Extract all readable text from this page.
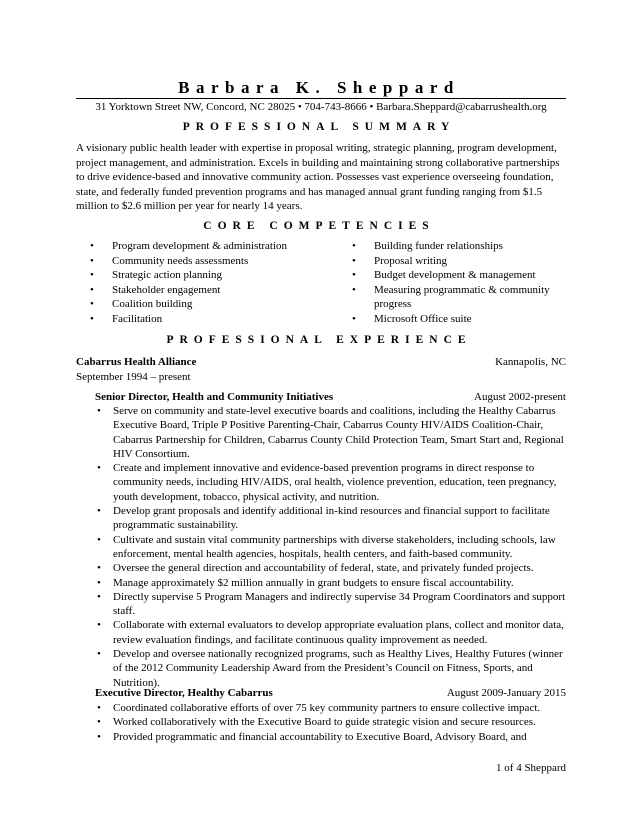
Barbara K. Sheppard
31 Yorktown Street NW, Concord, NC 28025 • 704-743-8666 • Barbara.Sheppard@cabarrushealth.org
PROFESSIONAL SUMMARY
A visionary public health leader with expertise in proposal writing, strategic planning, program development, project management, and administration. Excels in building and maintaining strong collaborative partnerships to drive evidence-based and innovative community action. Possesses vast experience overseeing foundation, state, and federally funded prevention programs and has managed annual grant funding ranging from $1.5 million to $2.6 million per year for nearly 14 years.
CORE COMPETENCIES
• Program development & administration
• Community needs assessments
• Strategic action planning
• Stakeholder engagement
• Coalition building
• Facilitation
• Building funder relationships
• Proposal writing
• Budget development & management
• Measuring programmatic & community progress
• Microsoft Office suite
PROFESSIONAL EXPERIENCE
Cabarrus Health Alliance	Kannapolis, NC
September 1994 – present
Senior Director, Health and Community Initiatives	August 2002-present
• Serve on community and state-level executive boards and coalitions, including the Healthy Cabarrus Executive Board, Triple P Positive Parenting-Chair, Cabarrus County HIV/AIDS Coalition-Chair, Cabarrus Partnership for Children, Cabarrus County Child Protection Team, Smart Start and, Regional HIV Consortium.
• Create and implement innovative and evidence-based prevention programs in direct response to community needs, including HIV/AIDS, oral health, violence prevention, education, teen pregnancy, youth development, tobacco, physical activity, and nutrition.
• Develop grant proposals and identify additional in-kind resources and financial support to facilitate programmatic sustainability.
• Cultivate and sustain vital community partnerships with diverse stakeholders, including schools, law enforcement, mental health agencies, hospitals, health centers, and faith-based community.
• Oversee the general direction and accountability of federal, state, and privately funded projects.
• Manage approximately $2 million annually in grant budgets to ensure fiscal accountability.
• Directly supervise 5 Program Managers and indirectly supervise 34 Program Coordinators and support staff.
• Collaborate with external evaluators to develop appropriate evaluation plans, collect and monitor data, review evaluation findings, and facilitate continuous quality improvement as needed.
• Develop and oversee nationally recognized programs, such as Healthy Lives, Healthy Futures (winner of the 2012 Community Leadership Award from the President’s Council on Fitness, Sports, and Nutrition).
Executive Director, Healthy Cabarrus	August 2009-January 2015
• Coordinated collaborative efforts of over 75 key community partners to ensure collective impact.
• Worked collaboratively with the Executive Board to guide strategic vision and secure resources.
• Provided programmatic and financial accountability to Executive Board, Advisory Board, and
1 of 4 Sheppard
